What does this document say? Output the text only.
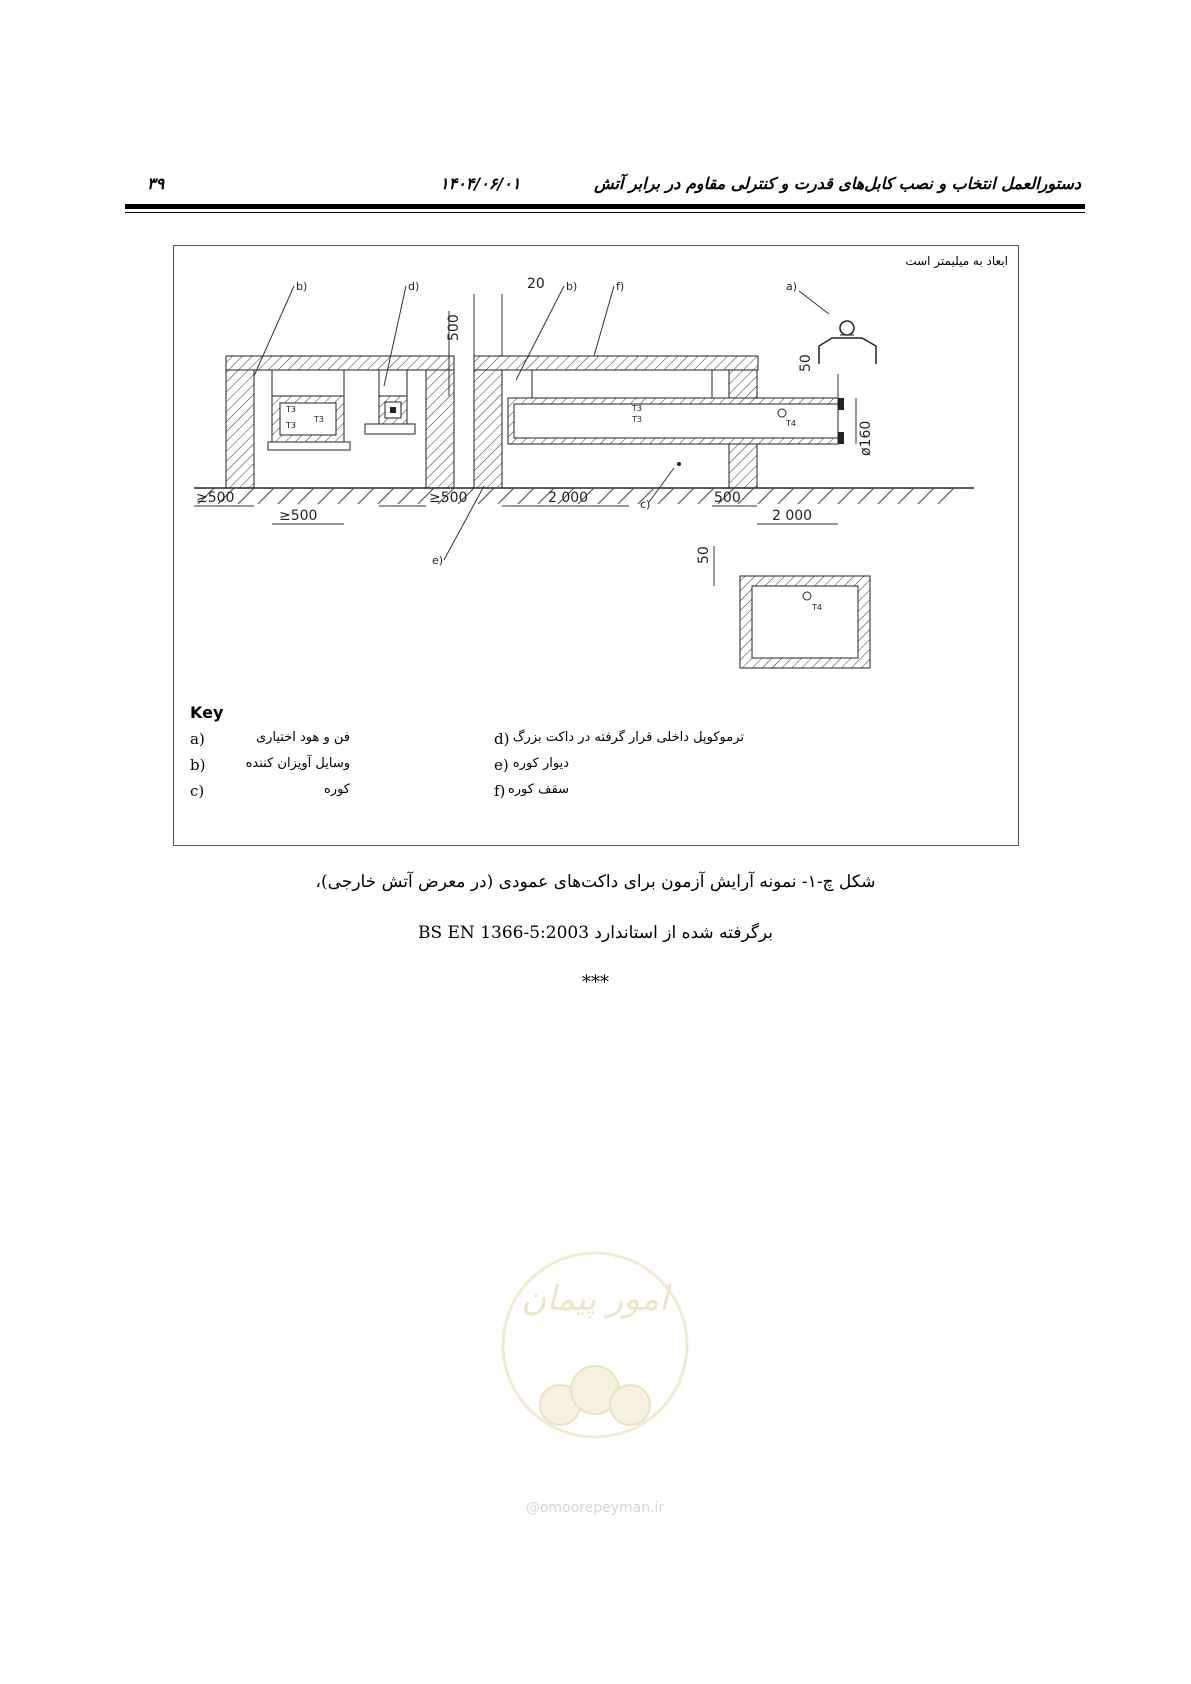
دستورالعمل انتخاب و نصب کابل‌های قدرت و کنترلی مقاوم در برابر آتش
۱۴۰۴/۰۶/۰۱
۳۹
T3
T3
T3
T3
T3	T4
T4
b)	d)	b)	f)	a)
e)
c)
20
500
50
ø160
≥500
≥500
≥500	2 000	500
2 000
50
ابعاد به میلیمتر است
Key
a)	فن و هود اختیاری
b)	وسایل آویزان کننده
c)	کوره
d) ترموکوپل داخلی قرار گرفته در داکت بزرگ
e) دیوار کوره
f) سقف کوره
شکل چ-۱- نمونه آرایش آزمون برای داکت‌های عمودی (در معرض آتش خارجی)،
برگرفته شده از استاندارد BS EN 1366-5:2003
***
امور پیمان
@omoorepeyman.ir
